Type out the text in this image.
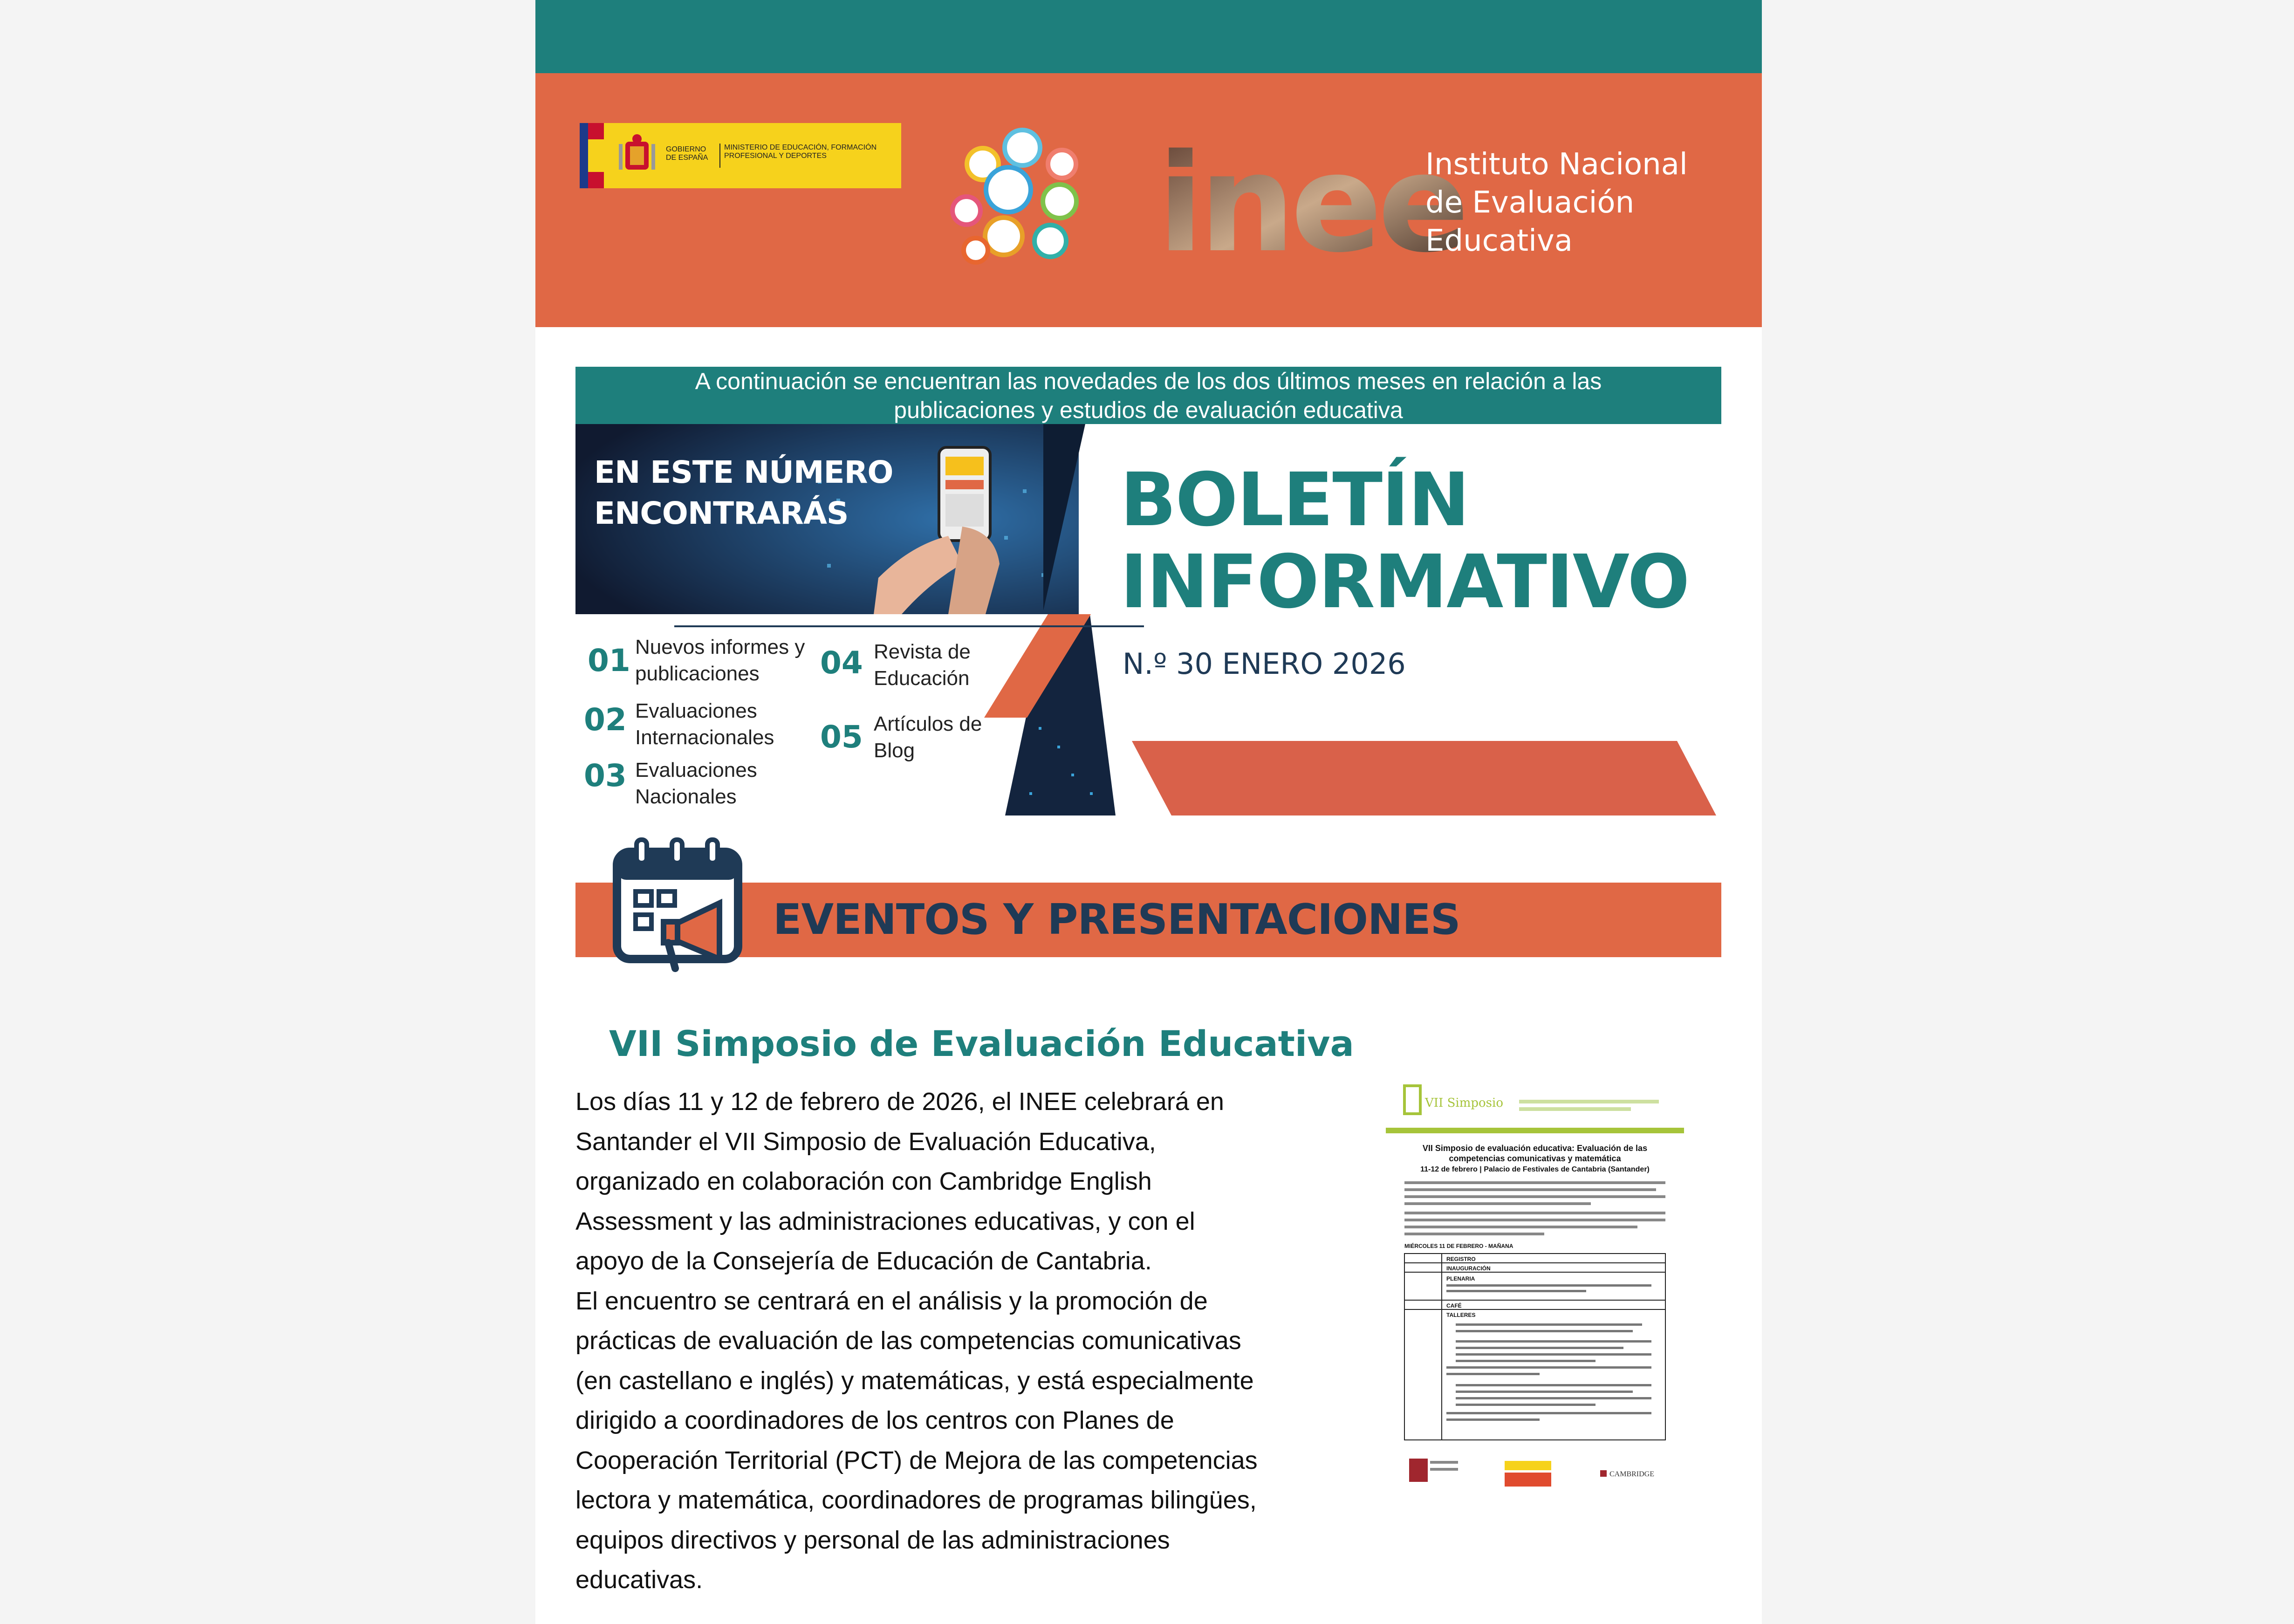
GOBIERNO DE ESPAÑA
MINISTERIO DE EDUCACIÓN, FORMACIÓN PROFESIONAL Y DEPORTES	inee
Instituto Nacional
de Evaluación
Educativa
A continuación se encuentran las novedades de los dos últimos meses en relación a las
publicaciones y estudios de evaluación educativa
EN ESTE NÚMERO
ENCONTRARÁS	BOLETÍN
INFORMATIVO
N.º 30 ENERO 2026
01 Nuevos informes y
publicaciones
02 Evaluaciones
Internacionales
03 Evaluaciones
Nacionales
04 Revista de
Educación
05 Artículos de
Blog
EVENTOS Y PRESENTACIONES
VII Simposio de Evaluación Educativa

Los días 11 y 12 de febrero de 2026, el INEE celebrará en

Santander el VII Simposio de Evaluación Educativa,

organizado en colaboración con Cambridge English

Assessment y las administraciones educativas, y con el

apoyo de la Consejería de Educación de Cantabria.

El encuentro se centrará en el análisis y la promoción de

prácticas de evaluación de las competencias comunicativas

(en castellano e inglés) y matemáticas, y está especialmente

dirigido a coordinadores de los centros con Planes de

Cooperación Territorial (PCT) de Mejora de las competencias

lectora y matemática, coordinadores de programas bilingües,

equipos directivos y personal de las administraciones

educativas.

VII Simposio
VII Simposio de evaluación educativa: Evaluación de las
competencias comunicativas y matemática
11-12 de febrero | Palacio de Festivales de Cantabria (Santander)
MIÉRCOLES 11 DE FEBRERO - MAÑANA
REGISTRO
INAUGURACIÓN
PLENARIA
CAFÉ
TALLERES
CAMBRIDGE
